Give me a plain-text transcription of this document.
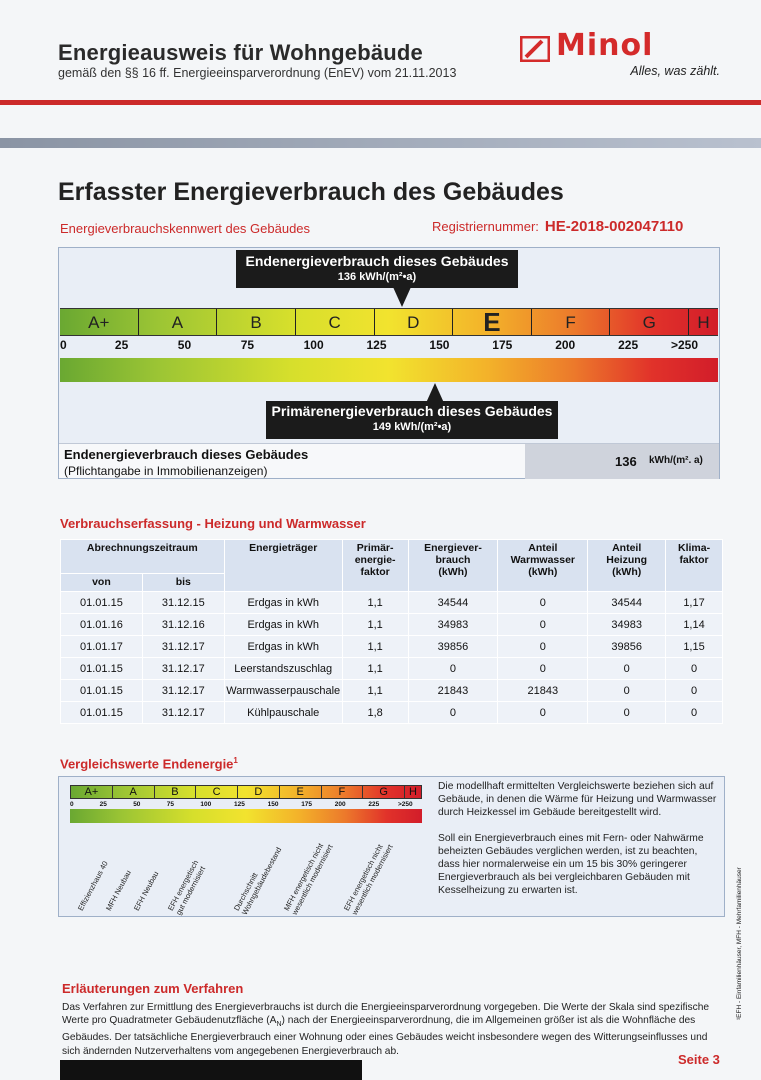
Energieausweis für Wohngebäude
gemäß den §§ 16 ff. Energieeinsparverordnung (EnEV) vom 21.11.2013
Minol
Alles, was zählt.
Erfasster Energieverbrauch des Gebäudes
Energieverbrauchskennwert des Gebäudes	Registriernummer: HE-2018-002047110
Endenergieverbrauch dieses Gebäudes
136 kWh/(m²•a)
A+	A	B	C	D	E	F	G	H
0	25	50	75	100	125	150	175	200	225	>250
Primärenergieverbrauch dieses Gebäudes
149 kWh/(m²•a)
Endenergieverbrauch dieses Gebäudes
(Pflichtangabe in Immobilienanzeigen)
136 kWh/(m². a)
Verbrauchserfassung - Heizung und Warmwasser
Abrechnungszeitraum		Energieträger	Primär-
energie-
faktor	Energiever-
brauch
(kWh)	Anteil
Warmwasser
(kWh)	Anteil
Heizung
(kWh)	Klima-
faktor
von	bis						
01.01.15	31.12.15	Erdgas in kWh	1,1	34544	0	34544	1,17
01.01.16	31.12.16	Erdgas in kWh	1,1	34983	0	34983	1,14
01.01.17	31.12.17	Erdgas in kWh	1,1	39856	0	39856	1,15
01.01.15	31.12.17	Leerstandszuschlag	1,1	0	0	0	0
01.01.15	31.12.17	Warmwasserpauschale	1,1	21843	21843	0	0
01.01.15	31.12.17	Kühlpauschale	1,8	0	0	0	0
Vergleichswerte Endenergie$^1$
A+	A	B	C	D	E	F	G	H
0	25	50	75	100	125	150	175	200	225	>250
Effizienzhaus 40
MFH Neubau EFH Neubau EFH energetisch
gut modernisiert	Durchschnitt
Wohngebäudebestand
MFH energetisch nicht
wesentlich modernisiert EFH energetisch nicht
wesentlich modernisiert
Die modellhaft ermittelten Vergleichswerte beziehen sich auf Gebäude, in denen die Wärme für Heizung und Warmwasser durch Heizkessel im Gebäude bereitgestellt wird.
Soll ein Energieverbrauch eines mit Fern- oder Nahwärme beheizten Gebäudes verglichen werden, ist zu beachten, dass hier normalerweise ein um 15 bis 30% geringerer Energieverbrauch als bei vergleichbaren Gebäuden mit Kesselheizung zu erwarten ist.	¹EFH - Einfamilienhäuser, MFH - Mehrfamilienhäuser
Erläuterungen zum Verfahren
Das Verfahren zur Ermittlung des Energieverbrauchs ist durch die Energieeinsparverordnung vorgegeben. Die Werte der Skala sind spezifische Werte pro Quadratmeter Gebäudenutzfläche $(A_N)$ nach der Energieeinsparverordnung, die im Allgemeinen größer ist als die Wohnfläche des Gebäudes. Der tatsächliche Energieverbrauch einer Wohnung oder eines Gebäudes weicht insbesondere wegen des Witterungseinflusses und sich ändernden Nutzerverhaltens vom angegebenen Energieverbrauch ab.
Seite 3
